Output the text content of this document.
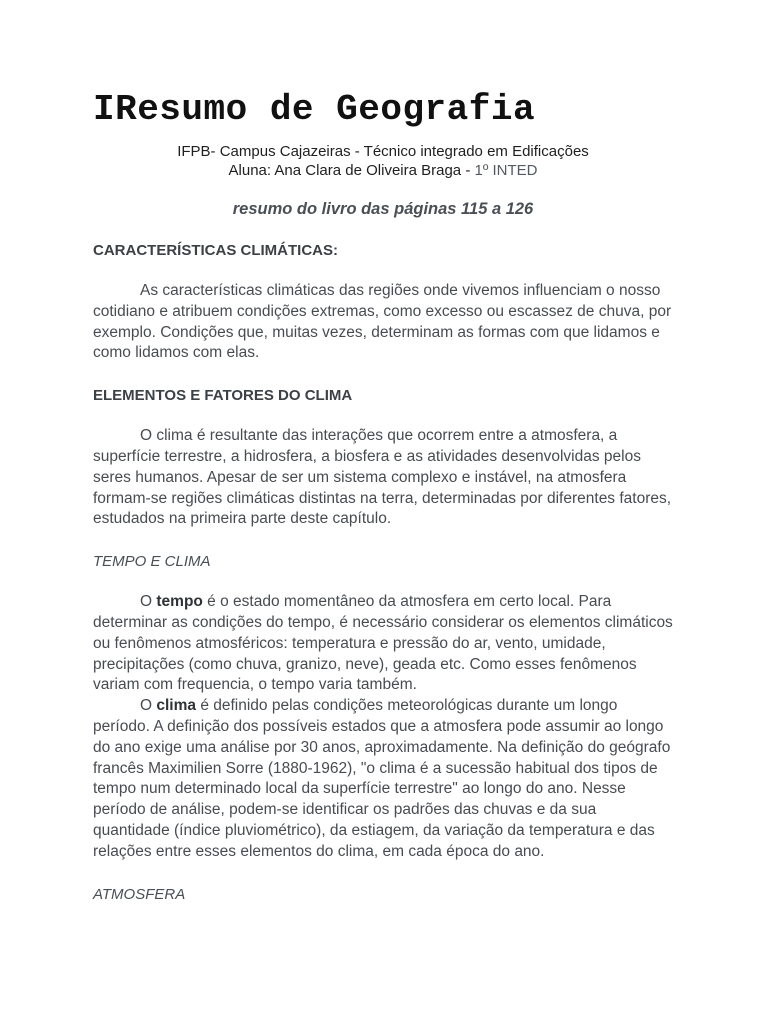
IResumo de Geografia
IFPB- Campus Cajazeiras - Técnico integrado em Edificações
Aluna: Ana Clara de Oliveira Braga - 1º INTED
resumo do livro das páginas 115 a 126
CARACTERÍSTICAS CLIMÁTICAS:
As características climáticas das regiões onde vivemos influenciam o nosso cotidiano e atribuem condições extremas, como excesso ou escassez de chuva, por exemplo. Condições que, muitas vezes, determinam as formas com que lidamos e como lidamos com elas.
ELEMENTOS E FATORES DO CLIMA
O clima é resultante das interações que ocorrem entre a atmosfera, a superfície terrestre, a hidrosfera, a biosfera e as atividades desenvolvidas pelos seres humanos. Apesar de ser um sistema complexo e instável, na atmosfera formam-se regiões climáticas distintas na terra, determinadas por diferentes fatores, estudados na primeira parte deste capítulo.
TEMPO E CLIMA
O tempo é o estado momentâneo da atmosfera em certo local. Para determinar as condições do tempo, é necessário considerar os elementos climáticos ou fenômenos atmosféricos: temperatura e pressão do ar, vento, umidade, precipitações (como chuva, granizo, neve), geada etc. Como esses fenômenos variam com frequencia, o tempo varia também.
O clima é definido pelas condições meteorológicas durante um longo período. A definição dos possíveis estados que a atmosfera pode assumir ao longo do ano exige uma análise por 30 anos, aproximadamente. Na definição do geógrafo francês Maximilien Sorre (1880-1962), "o clima é a sucessão habitual dos tipos de tempo num determinado local da superfície terrestre" ao longo do ano. Nesse período de análise, podem-se identificar os padrões das chuvas e da sua quantidade (índice pluviométrico), da estiagem, da variação da temperatura e das relações entre esses elementos do clima, em cada época do ano.
ATMOSFERA
